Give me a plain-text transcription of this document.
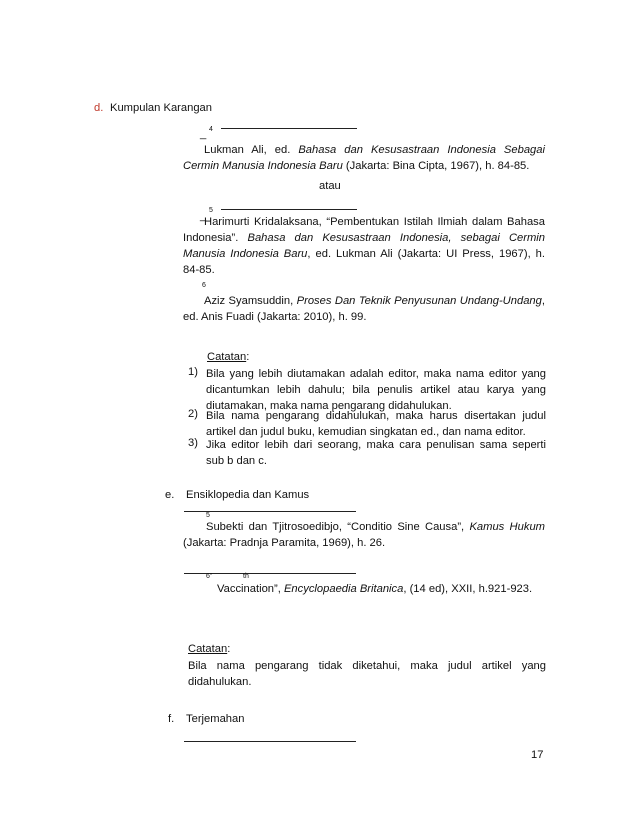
d. Kumpulan Karangan
_ 4
Lukman Ali, ed. Bahasa dan Kesusastraan Indonesia Sebagai Cermin Manusia Indonesia Baru (Jakarta: Bina Cipta, 1967), h. 84-85.
atau
_ 5
Harimurti Kridalaksana, “Pembentukan Istilah Ilmiah dalam Bahasa Indonesia”. Bahasa dan Kesusastraan Indonesia, sebagai Cermin Manusia Indonesia Baru, ed. Lukman Ali (Jakarta: UI Press, 1967), h. 84-85.
6
Aziz Syamsuddin, Proses Dan Teknik Penyusunan Undang-Undang, ed. Anis Fuadi (Jakarta: 2010), h. 99.
Catatan:
1) Bila yang lebih diutamakan adalah editor, maka nama editor yang dicantumkan lebih dahulu; bila penulis artikel atau karya yang diutamakan, maka nama pengarang didahulukan.
2) Bila nama pengarang didahulukan, maka harus disertakan judul artikel dan judul buku, kemudian singkatan ed., dan nama editor.
3) Jika editor lebih dari seorang, maka cara penulisan sama seperti sub b dan c.
e. Ensiklopedia dan Kamus
5
Subekti dan Tjitrosoedibjo, “Conditio Sine Causa”, Kamus Hukum (Jakarta: Pradnja Paramita, 1969), h. 26.
6”	th
Vaccination”, Encyclopaedia Britanica, (14 ed), XXII, h.921-923.
Catatan:
Bila nama pengarang tidak diketahui, maka judul artikel yang didahulukan.
f. Terjemahan
17
